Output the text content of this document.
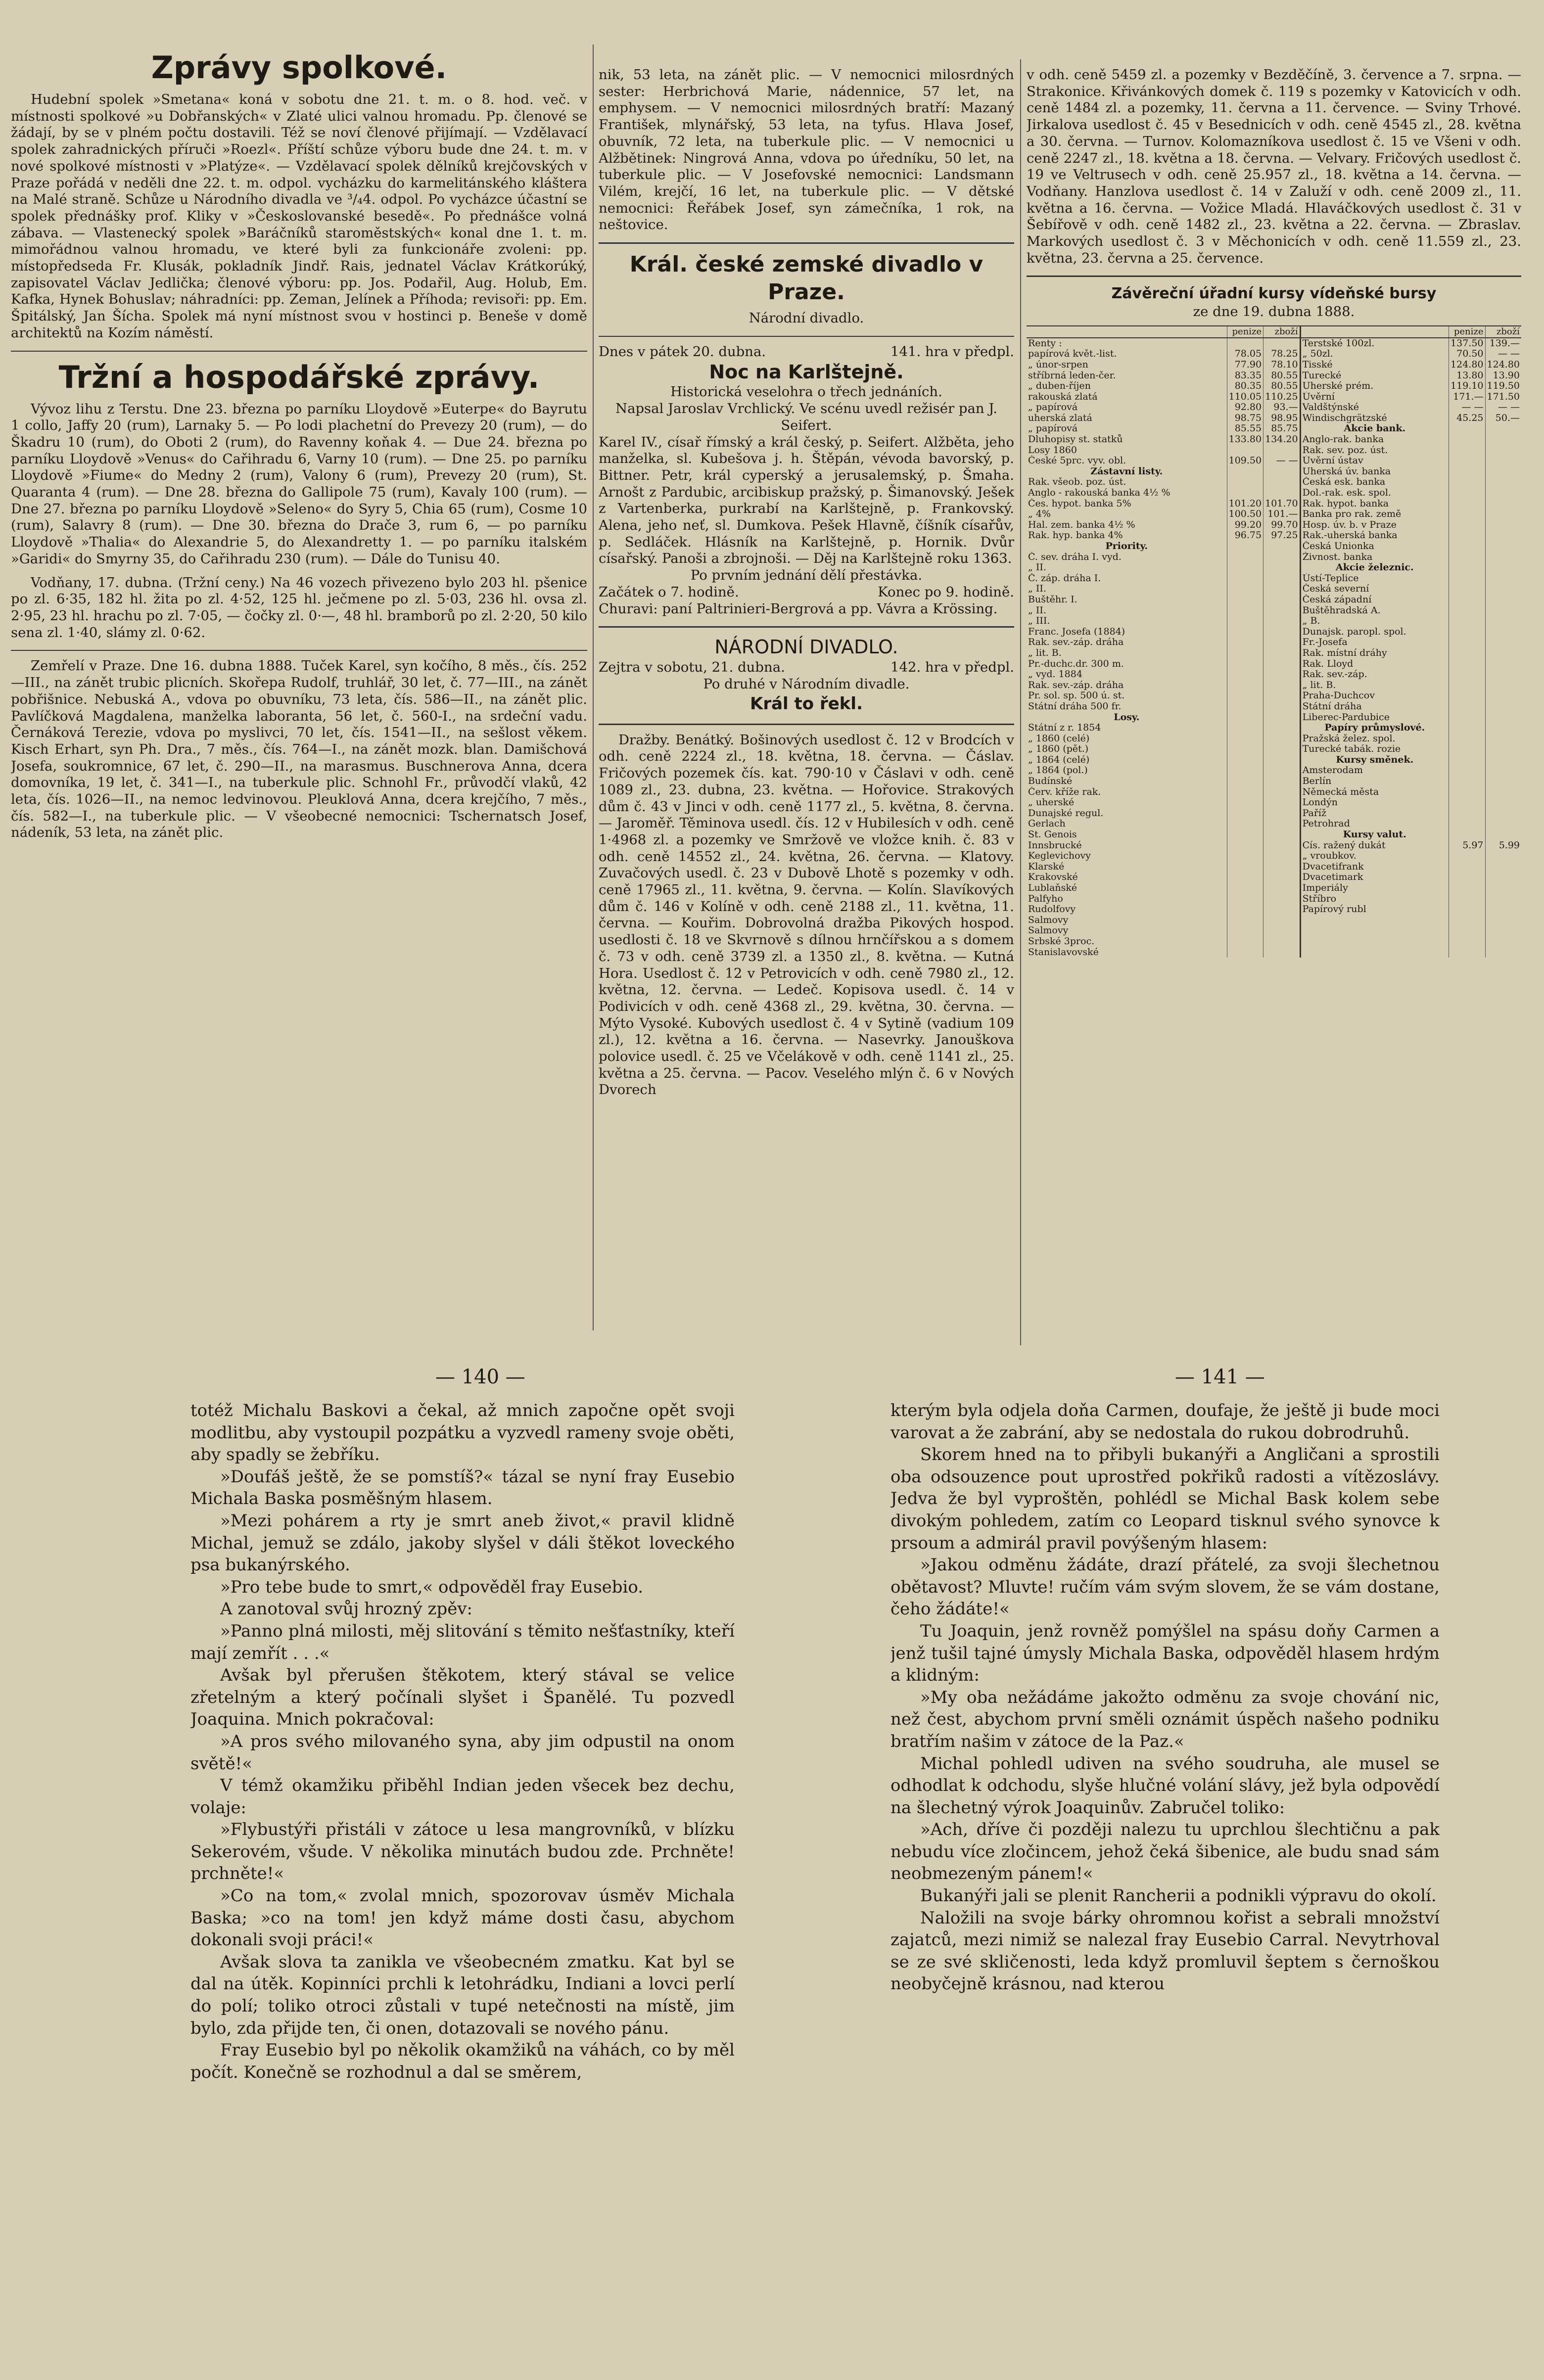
Zprávy spolkové.

Hudební spolek »Smetana« koná v sobotu dne 21. t. m. o 8. hod. več. v místnosti spolkové »u Dobřanských« v Zlaté ulici valnou hromadu. Pp. členové se žádají, by se v plném počtu dostavili. Též se noví členové přijímají. — Vzdělavací spolek zahradnických příruči »Roezl«. Příští schůze výboru bude dne 24. t. m. v nové spolkové místnosti v »Platýze«. — Vzdělavací spolek dělníků krejčovských v Praze pořádá v neděli dne 22. t. m. odpol. vycházku do karmelitánského kláštera na Malé straně. Schůze u Národního divadla ve ³/₄4. odpol. Po vycházce účastní se spolek přednášky prof. Kliky v »Českoslovanské besedě«. Po přednášce volná zábava. — Vlastenecký spolek »Baráčníků staroměstských« konal dne 1. t. m. mimořádnou valnou hromadu, ve které byli za funkcionáře zvoleni: pp. místopředseda Fr. Klusák, pokladník Jindř. Rais, jednatel Václav Krátkorúký, zapisovatel Václav Jedlička; členové výboru: pp. Jos. Podařil, Aug. Holub, Em. Kafka, Hynek Bohuslav; náhradníci: pp. Zeman, Jelínek a Příhoda; revisoři: pp. Em. Špitálský, Jan Šícha. Spolek má nyní místnost svou v hostinci p. Beneše v domě architektů na Kozím náměstí.

Tržní a hospodářské zprávy.

Vývoz lihu z Terstu. Dne 23. března po parníku Lloydově »Euterpe« do Bayrutu 1 collo, Jaffy 20 (rum), Larnaky 5. — Po lodi plachetní do Prevezy 20 (rum), — do Škadru 10 (rum), do Oboti 2 (rum), do Ravenny koňak 4. — Due 24. března po parníku Lloydově »Venus« do Cařihradu 6, Varny 10 (rum). — Dne 25. po parníku Lloydově »Fiume« do Medny 2 (rum), Valony 6 (rum), Prevezy 20 (rum), St. Quaranta 4 (rum). — Dne 28. března do Gallipole 75 (rum), Kavaly 100 (rum). — Dne 27. března po parníku Lloydově »Seleno« do Syry 5, Chia 65 (rum), Cosme 10 (rum), Salavry 8 (rum). — Dne 30. března do Drače 3, rum 6, — po parníku Lloydově »Thalia« do Alexandrie 5, do Alexandretty 1. — po parníku italském »Garidi« do Smyrny 35, do Cařihradu 230 (rum). — Dále do Tunisu 40.

Vodňany, 17. dubna. (Tržní ceny.) Na 46 vozech přivezeno bylo 203 hl. pšenice po zl. 6·35, 182 hl. žita po zl. 4·52, 125 hl. ječmene po zl. 5·03, 236 hl. ovsa zl. 2·95, 23 hl. hrachu po zl. 7·05, — čočky zl. 0·—, 48 hl. bramborů po zl. 2·20, 50 kilo sena zl. 1·40, slámy zl. 0·62.

Zemřelí v Praze. Dne 16. dubna 1888. Tuček Karel, syn kočího, 8 měs., čís. 252—III., na zánět trubic plicních. Skořepa Rudolf, truhlář, 30 let, č. 77—III., na zánět pobřišnice. Nebuská A., vdova po obuvníku, 73 leta, čís. 586—II., na zánět plic. Pavlíčková Magdalena, manželka laboranta, 56 let, č. 560-I., na srdeční vadu. Černáková Terezie, vdova po myslivci, 70 let, čís. 1541—II., na sešlost věkem. Kisch Erhart, syn Ph. Dra., 7 měs., čís. 764—I., na zánět mozk. blan. Damišchová Josefa, soukromnice, 67 let, č. 290—II., na marasmus. Buschnerova Anna, dcera domovníka, 19 let, č. 341—I., na tuberkule plic. Schnohl Fr., průvodčí vlaků, 42 leta, čís. 1026—II., na nemoc ledvinovou. Pleuklová Anna, dcera krejčího, 7 měs., čís. 582—I., na tuberkule plic. — V všeobecné nemocnici: Tschernatsch Josef, nádeník, 53 leta, na zánět plic.

nik, 53 leta, na zánět plic. — V nemocnici milosrdných sester: Herbrichová Marie, nádennice, 57 let, na emphysem. — V nemocnici milosrdných bratří: Mazaný František, mlynářský, 53 leta, na tyfus. Hlava Josef, obuvník, 72 leta, na tuberkule plic. — V nemocnici u Alžbětinek: Ningrová Anna, vdova po úředníku, 50 let, na tuberkule plic. — V Josefovské nemocnici: Landsmann Vilém, krejčí, 16 let, na tuberkule plic. — V dětské nemocnici: Řeřábek Josef, syn zámečníka, 1 rok, na neštovice.

Král. české zemské divadlo v Praze.

Národní divadlo.

Dnes v pátek 20. dubna.	141. hra v předpl.
Noc na Karlštejně.

Historická veselohra o třech jednáních.

Napsal Jaroslav Vrchlický. Ve scénu uvedl režisér pan J. Seifert.

Karel IV., císař římský a král český, p. Seifert. Alžběta, jeho manželka, sl. Kubešova j. h. Štěpán, vévoda bavorský, p. Bittner. Petr, král cyperský a jerusalemský, p. Šmaha. Arnošt z Pardubic, arcibiskup pražský, p. Šimanovský. Ješek z Vartenberka, purkrabí na Karlštejně, p. Frankovský. Alena, jeho neť, sl. Dumkova. Pešek Hlavně, číšník císařův, p. Sedláček. Hlásník na Karlštejně, p. Hornik. Dvůr císařský. Panoši a zbrojnoši. — Děj na Karlštejně roku 1363.

Po prvním jednání dělí přestávka.

Začátek o 7. hodině.	Konec po 9. hodině.

Churavi: paní Paltrinieri-Bergrová a pp. Vávra a Krössing.

NÁRODNÍ DIVADLO.
Zejtra v sobotu, 21. dubna.	142. hra v předpl.

Po druhé v Národním divadle.

Král to řekl.

Dražby. Benátký. Bošinových usedlost č. 12 v Brodcích v odh. ceně 2224 zl., 18. května, 18. června. — Čáslav. Fričových pozemek čís. kat. 790·10 v Čáslavi v odh. ceně 1089 zl., 23. dubna, 23. května. — Hořovice. Strakových dům č. 43 v Jinci v odh. ceně 1177 zl., 5. května, 8. června. — Jaroměř. Těminova usedl. čís. 12 v Hubilesích v odh. ceně 1·4968 zl. a pozemky ve Smržově ve vložce knih. č. 83 v odh. ceně 14552 zl., 24. května, 26. června. — Klatovy. Zuvačových usedl. č. 23 v Dubově Lhotě s pozemky v odh. ceně 17965 zl., 11. května, 9. června. — Kolín. Slavíkových dům č. 146 v Kolíně v odh. ceně 2188 zl., 11. května, 11. června. — Kouřim. Dobrovolná dražba Pikových hospod. usedlosti č. 18 ve Skvrnově s dílnou hrnčířskou a s domem č. 73 v odh. ceně 3739 zl. a 1350 zl., 8. května. — Kutná Hora. Usedlost č. 12 v Petrovicích v odh. ceně 7980 zl., 12. května, 12. června. — Ledeč. Kopisova usedl. č. 14 v Podivicích v odh. ceně 4368 zl., 29. května, 30. června. — Mýto Vysoké. Kubových usedlost č. 4 v Sytině (vadium 109 zl.), 12. května a 16. června. — Nasevrky. Janouškova polovice usedl. č. 25 ve Včelákově v odh. ceně 1141 zl., 25. května a 25. června. — Pacov. Veselého mlýn č. 6 v Nových Dvorech

v odh. ceně 5459 zl. a pozemky v Bezděčíně, 3. července a 7. srpna. — Strakonice. Křivánkových domek č. 119 s pozemky v Katovicích v odh. ceně 1484 zl. a pozemky, 11. června a 11. července. — Sviny Trhové. Jirkalova usedlost č. 45 v Besednicích v odh. ceně 4545 zl., 28. května a 30. června. — Turnov. Kolomazníkova usedlost č. 15 ve Všeni v odh. ceně 2247 zl., 18. května a 18. června. — Velvary. Fričových usedlost č. 19 ve Veltrusech v odh. ceně 25.957 zl., 18. května a 14. června. — Vodňany. Hanzlova usedlost č. 14 v Zaluží v odh. ceně 2009 zl., 11. května a 16. června. — Vožice Mladá. Hlaváčkových usedlost č. 31 v Šebířově v odh. ceně 1482 zl., 23. května a 22. června. — Zbraslav. Markových usedlost č. 3 v Měchonicích v odh. ceně 11.559 zl., 23. května, 23. června a 25. července.

Závěreční úřadní kursy vídeňské bursy

ze dne 19. dubna 1888.

	penize	zboží		penize	zboží
Renty :			Terstské 100zl.	137.50	139.—
papírová květ.-list.	78.05	78.25	„ 50zl.	70.50	— —
„ únor-srpen	77.90	78.10	Tisské	124.80	124.80
stříbrná leden-čer.	83.35	80.55	Turecké	13.80	13.90
„ duben-říjen	80.35	80.55	Uherské prém.	119.10	119.50
rakouská zlatá	110.05	110.25	Úvěrní	171.—	171.50
„ papírová	92.80	93.—	Valdštýnské	— —	— —
uherská zlatá	98.75	98.95	Windischgrätzské	45.25	50.—
„ papírová	85.55	85.75	Akcie bank.		
Dluhopisy st. statků	133.80	134.20	Anglo-rak. banka		
Losy 1860			Rak. sev. poz. úst.		
České 5prc. vyv. obl.	109.50	— —	Úvěrní ústav		
Zástavní listy.			Uherská úv. banka		
Rak. všeob. poz. úst.			Česká esk. banka		
Anglo - rakouská banka 4½ %			Dol.-rak. esk. spol.		
Čes. hypot. banka 5%	101.20	101.70	Rak. hypot. banka		
„ 4%	100.50	101.—	Banka pro rak. země		
Hal. zem. banka 4½ %	99.20	99.70	Hosp. úv. b. v Praze		
Rak. hyp. banka 4%	96.75	97.25	Rak.-uherská banka		
Priority.			Česká Unionka		
Č. sev. dráha I. vyd.			Živnost. banka		
„ II.			Akcie železnic.		
Č. záp. dráha I.			Ústí-Teplice		
„ II.			Česká severní		
Buštěhr. I.			Česká západní		
„ II.			Buštěhradská A.		
„ III.			„ B.		
Franc. Josefa (1884)			Dunajsk. paropl. spol.		
Rak. sev.-záp. dráha			Fr.-Josefa		
„ lit. B.			Rak. místní dráhy		
Pr.-duchc.dr. 300 m.			Rak. Lloyd		
„ vyd. 1884			Rak. sev.-záp.		
Rak. sev.-záp. dráha			„ lit. B.		
Pr. sol. sp. 500 ú. st.			Praha-Duchcov		
Státní dráha 500 fr.			Státní dráha		
Losy.			Liberec-Pardubice		
Státní z r. 1854			Papíry průmyslové.		
„ 1860 (celé)			Pražská želez. spol.		
„ 1860 (pět.)			Turecké tabák. rozie		
„ 1864 (celé)			Kursy směnek.		
„ 1864 (pol.)			Amsterodam		
Budínské			Berlín		
Červ. kříže rak.			Německá města		
„ uherské			Londýn		
Dunajské regul.			Paříž		
Gerlach			Petrohrad		
St. Genois			Kursy valut.		
Innsbrucké			Cís. ražený dukát	5.97	5.99
Keglevichovy			„ vroubkov.		
Klarské			Dvacetifrank		
Krakovské			Dvacetimark		
Lublaňské			Imperiály		
Palfyho			Stříbro		
Rudolfovy			Papírový rubl		
Salmovy					
Salmovy					
Srbské 3proc.					
Stanislavovské					
— 140 —	— 141 —

totéž Michalu Baskovi a čekal, až mnich započne opět svoji modlitbu, aby vystoupil pozpátku a vyzvedl rameny svoje oběti, aby spadly se žebříku.

»Doufáš ještě, že se pomstíš?« tázal se nyní fray Eusebio Michala Baska posměšným hlasem.

»Mezi pohárem a rty je smrt aneb život,« pravil klidně Michal, jemuž se zdálo, jakoby slyšel v dáli štěkot loveckého psa bukanýrského.

»Pro tebe bude to smrt,« odpověděl fray Eusebio.

A zanotoval svůj hrozný zpěv:

»Panno plná milosti, měj slitování s těmito nešťastníky, kteří mají zemřít . . .«

Avšak byl přerušen štěkotem, který stával se velice zřetelným a který počínali slyšet i Španělé. Tu pozvedl Joaquina. Mnich pokračoval:

»A pros svého milovaného syna, aby jim odpustil na onom světě!«

V témž okamžiku přiběhl Indian jeden všecek bez dechu, volaje:

»Flybustýři přistáli v zátoce u lesa mangrovníků, v blízku Sekerovém, všude. V několika minutách budou zde. Prchněte! prchněte!«

»Co na tom,« zvolal mnich, spozorovav úsměv Michala Baska; »co na tom! jen když máme dosti času, abychom dokonali svoji práci!«

Avšak slova ta zanikla ve všeobecném zmatku. Kat byl se dal na útěk. Kopinníci prchli k letohrádku, Indiani a lovci perlí do polí; toliko otroci zůstali v tupé netečnosti na místě, jim bylo, zda přijde ten, či onen, dotazovali se nového pánu.

Fray Eusebio byl po několik okamžiků na váhách, co by měl počít. Konečně se rozhodnul a dal se směrem,

kterým byla odjela doňa Carmen, doufaje, že ještě ji bude moci varovat a že zabrání, aby se nedostala do rukou dobrodruhů.

Skorem hned na to přibyli bukanýři a Angličani a sprostili oba odsouzence pout uprostřed pokřiků radosti a vítězoslávy. Jedva že byl vyproštěn, pohlédl se Michal Bask kolem sebe divokým pohledem, zatím co Leopard tisknul svého synovce k prsoum a admirál pravil povýšeným hlasem:

»Jakou odměnu žádáte, drazí přátelé, za svoji šlechetnou obětavost? Mluvte! ručím vám svým slovem, že se vám dostane, čeho žádáte!«

Tu Joaquin, jenž rovněž pomýšlel na spásu doňy Carmen a jenž tušil tajné úmysly Michala Baska, odpověděl hlasem hrdým a klidným:

»My oba nežádáme jakožto odměnu za svoje chování nic, než čest, abychom první směli oznámit úspěch našeho podniku bratřím našim v zátoce de la Paz.«

Michal pohledl udiven na svého soudruha, ale musel se odhodlat k odchodu, slyše hlučné volání slávy, jež byla odpovědí na šlechetný výrok Joaquinův. Zabručel toliko:

»Ach, dříve či později nalezu tu uprchlou šlechtičnu a pak nebudu více zločincem, jehož čeká šibenice, ale budu snad sám neobmezeným pánem!«

Bukanýři jali se plenit Rancherii a podnikli výpravu do okolí.

Naložili na svoje bárky ohromnou kořist a sebrali množství zajatců, mezi nimiž se nalezal fray Eusebio Carral. Nevytrhoval se ze své skličenosti, leda když promluvil šeptem s černoškou neobyčejně krásnou, nad kterou
